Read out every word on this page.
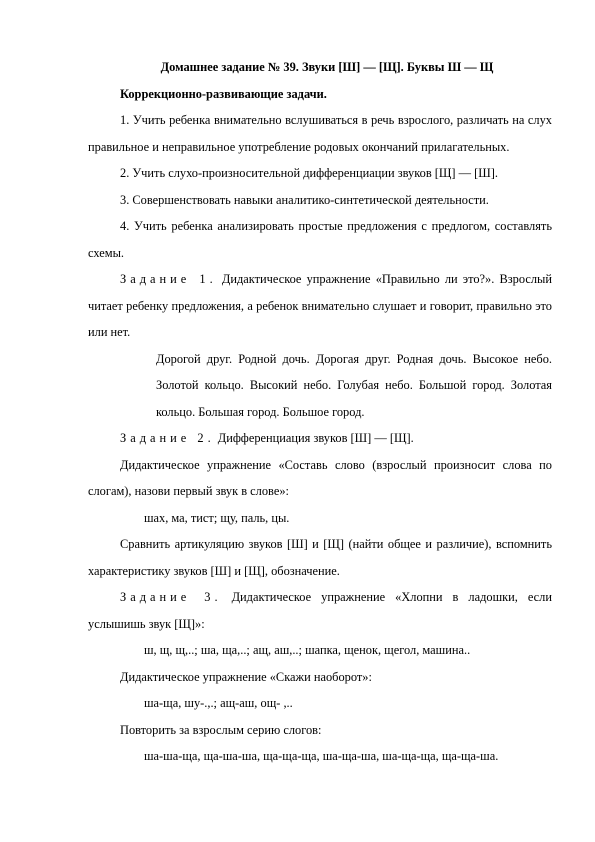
Домашнее задание № 39. Звуки [Ш] — [Щ]. Буквы Ш — Щ

Коррекционно-развивающие задачи.

1. Учить ребенка внимательно вслушиваться в речь взрослого, различать на слух правильное и неправильное употребление родовых окончаний прилагательных.

2. Учить слухо-произносительной дифференциации звуков [Щ] — [Ш].

3. Совершенствовать навыки аналитико-синтетической деятельности.

4. Учить ребенка анализировать простые предложения с предлогом, составлять схемы.

Задание 1. Дидактическое упражнение «Правильно ли это?». Взрослый читает ребенку предложения, а ребенок внимательно слушает и говорит, правильно это или нет.

Дорогой друг. Родной дочь. Дорогая друг. Родная дочь. Высокое небо. Золотой кольцо. Высокий небо. Голубая небо. Большой город. Золотая кольцо. Большая город. Большое город.

Задание 2. Дифференциация звуков [Ш] — [Щ].

Дидактическое упражнение «Составь слово (взрослый произносит слова по слогам), назови первый звук в слове»:

шах, ма, тист; щу, паль, цы.

Сравнить артикуляцию звуков [Ш] и [Щ] (найти общее и различие), вспомнить характеристику звуков [Ш] и [Щ], обозначение.

Задание 3. Дидактическое упражнение «Хлопни в ладошки, если услышишь звук [Щ]»:

ш, щ, щ,..; ша, ща,..; ащ, аш,..; шапка, щенок, щегол, машина..

Дидактическое упражнение «Скажи наоборот»:

ша-ща, шу-.,.; ащ-аш, ощ- ,..

Повторить за взрослым серию слогов:

ша-ша-ща, ща-ша-ша, ща-ща-ща, ша-ща-ша, ша-ща-ща, ща-ща-ша.
